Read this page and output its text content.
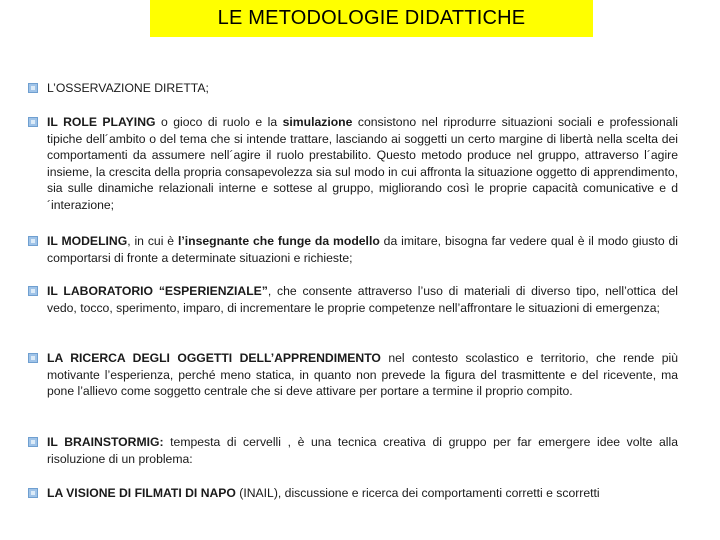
LE METODOLOGIE DIDATTICHE
L’OSSERVAZIONE DIRETTA;
IL ROLE PLAYING o gioco di ruolo e la simulazione consistono nel riprodurre situazioni sociali e professionali tipiche dell´ambito o del tema che si intende trattare, lasciando ai soggetti un certo margine di libertà nella scelta dei comportamenti da assumere nell´agire il ruolo prestabilito. Questo metodo produce nel gruppo, attraverso l´agire insieme, la crescita della propria consapevolezza sia sul modo in cui affronta la situazione oggetto di apprendimento, sia sulle dinamiche relazionali interne e sottese al gruppo, migliorando così le proprie capacità comunicative e d´interazione;
IL MODELING, in cui è l’insegnante che funge da modello da imitare, bisogna far vedere qual è il modo giusto di comportarsi di fronte a determinate situazioni e richieste;
IL LABORATORIO “ESPERIENZIALE”, che consente attraverso l’uso di materiali di diverso tipo, nell’ottica del vedo, tocco, sperimento, imparo, di incrementare le proprie competenze nell’affrontare le situazioni di emergenza;
LA RICERCA DEGLI OGGETTI DELL’APPRENDIMENTO nel contesto scolastico e territorio, che rende più motivante l’esperienza, perché meno statica, in quanto non prevede la figura del trasmittente e del ricevente, ma pone l’allievo come soggetto centrale che si deve attivare per portare a termine il proprio compito.
IL BRAINSTORMIG: tempesta di cervelli , è una tecnica creativa di gruppo per far emergere idee volte alla risoluzione di un problema:
LA VISIONE DI FILMATI DI NAPO (INAIL), discussione e ricerca dei comportamenti corretti e scorretti
